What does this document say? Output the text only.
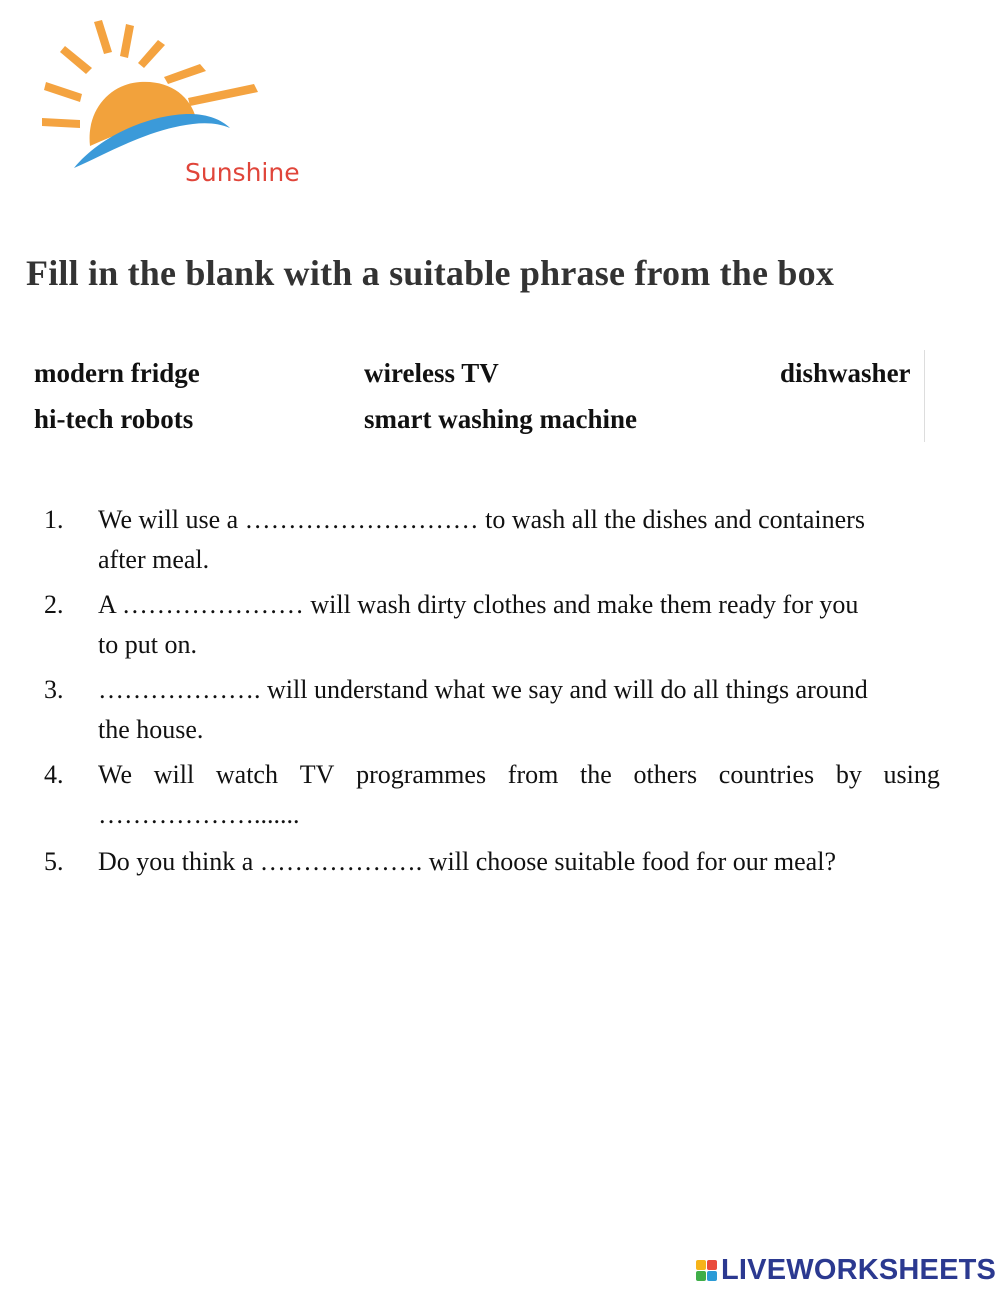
Sunshine
Fill in the blank with a suitable phrase from the box
modern fridge	wireless TV	dishwasher
hi-tech robots	smart washing machine
1. We will use a ……………………… to wash all the dishes and containers
after meal.
2. A ………………… will wash dirty clothes and make them ready for you
to put on.
3. ………………. will understand what we say and will do all things around
the house.
4. We will watch TV programmes from the others countries by using
……………….......
5. Do you think a ………………. will choose suitable food for our meal?
LIVEWORKSHEETS
